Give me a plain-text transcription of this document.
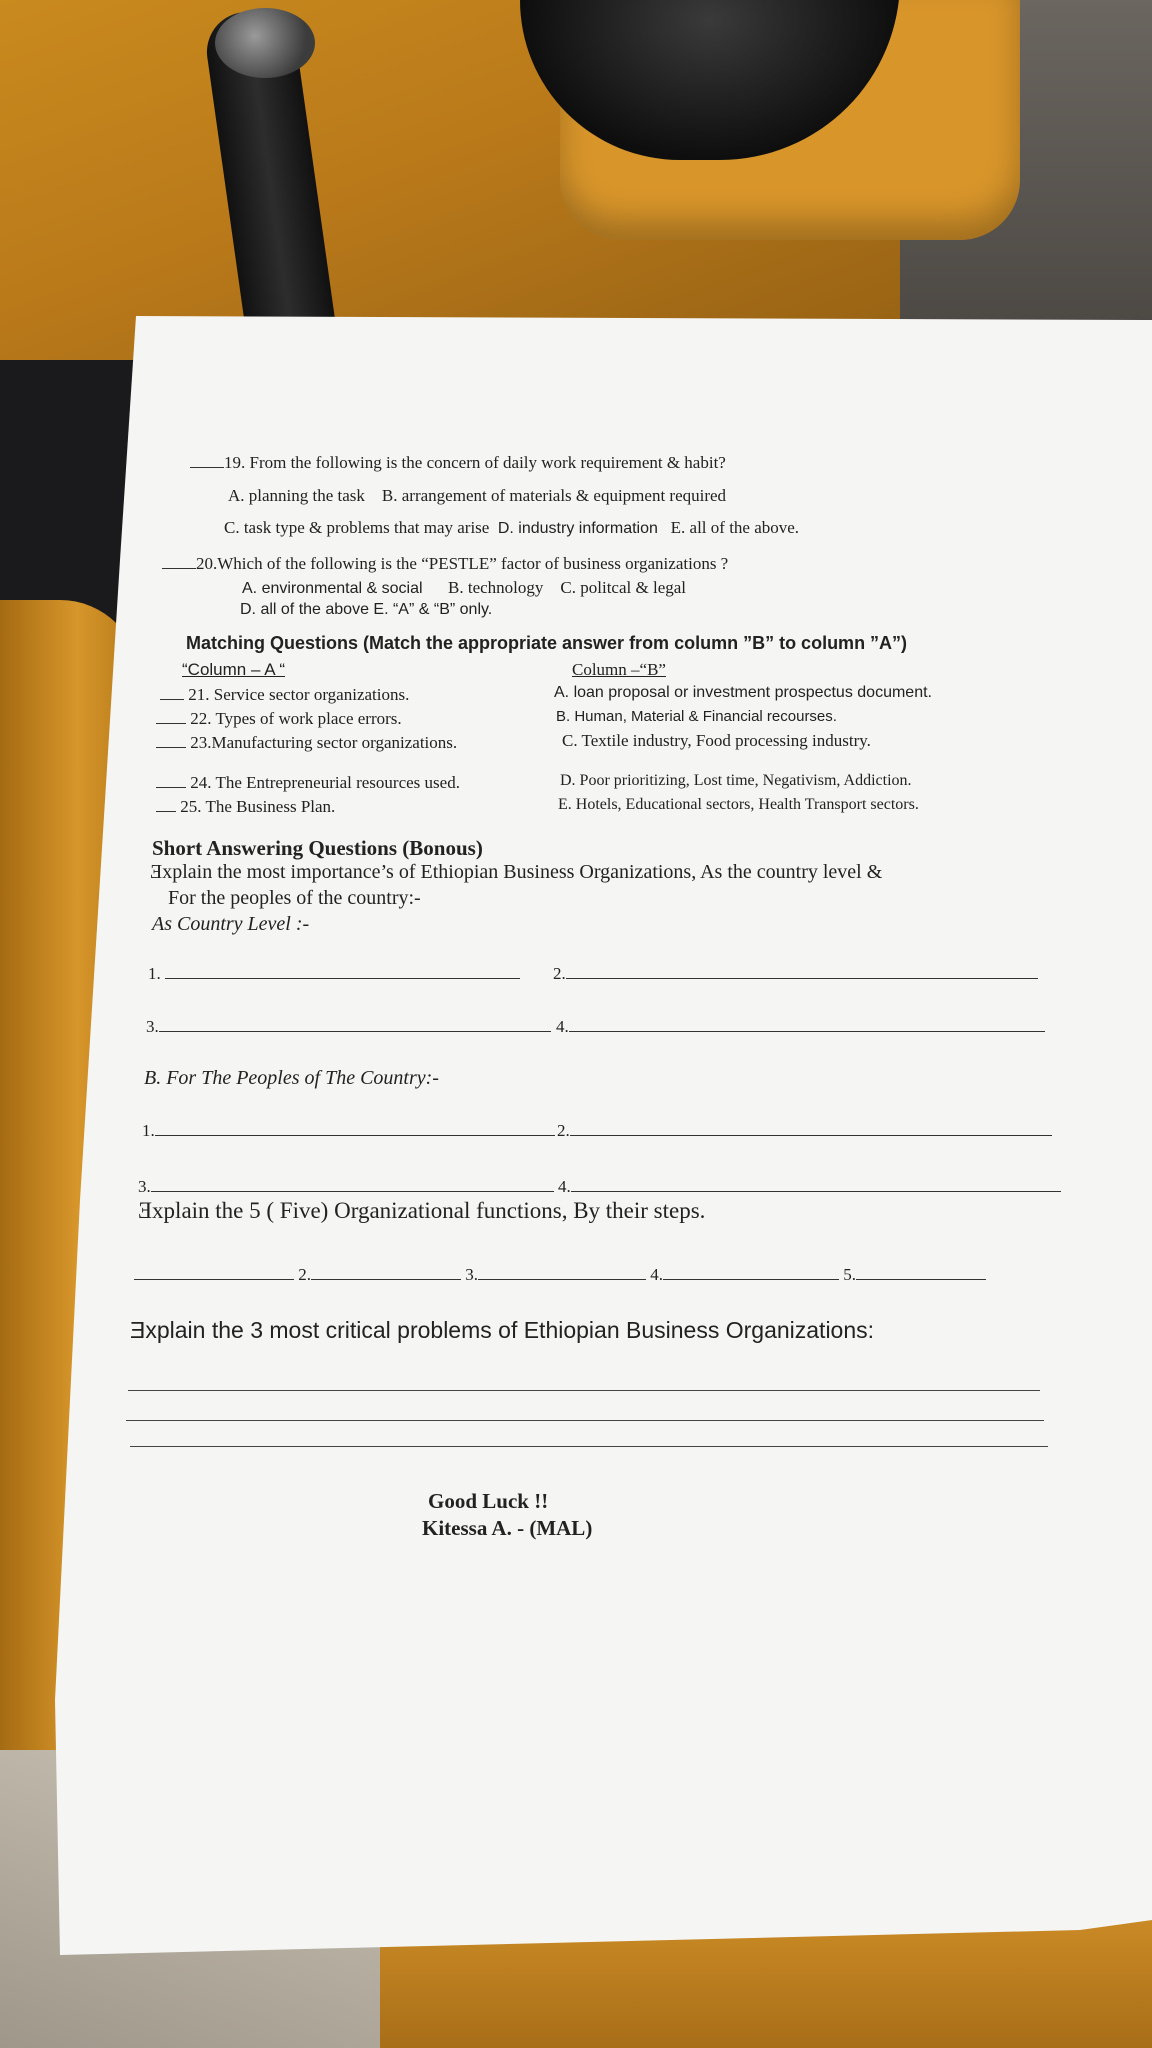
19. From the following is the concern of daily work requirement & habit?
A. planning the task B. arrangement of materials & equipment required
C. task type & problems that may arise D. industry information E. all of the above.
20.Which of the following is the “PESTLE” factor of business organizations ?
A. environmental & social B. technology C. politcal & legal
D. all of the above E. “A” & “B” only.
Matching Questions (Match the appropriate answer from column ”B” to column ”A”)
“Column – A “	Column –“B”
21. Service sector organizations.	A. loan proposal or investment prospectus document.
22. Types of work place errors.	B. Human, Material & Financial recourses.
23.Manufacturing sector organizations.	C. Textile industry, Food processing industry.
24. The Entrepreneurial resources used.	D. Poor prioritizing, Lost time, Negativism, Addiction.
25. The Business Plan.	E. Hotels, Educational sectors, Health Transport sectors.
Short Answering Questions (Bonous)
Ǝxplain the most importance’s of Ethiopian Business Organizations, As the country level &
For the peoples of the country:-
As Country Level :-
1.	2.
3.	4.
B. For The Peoples of The Country:-
1.	2.
3.	4.
Ǝxplain the 5 ( Five) Organizational functions, By their steps.
2.	3.	4.	5.
Ǝxplain the 3 most critical problems of Ethiopian Business Organizations:
Good Luck !!
Kitessa A. - (MAL)
